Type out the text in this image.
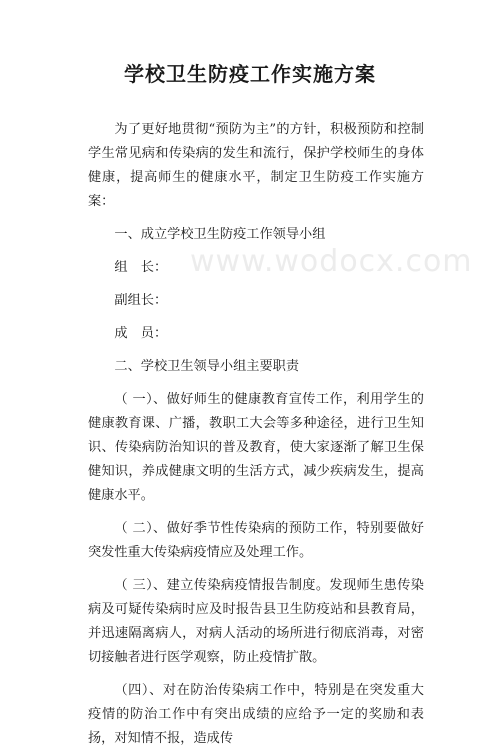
学校卫生防疫工作实施方案

为了更好地贯彻“预防为主”的方针，积极预防和控制学生常见病和传染病的发生和流行，保护学校师生的身体健康，提高师生的健康水平，制定卫生防疫工作实施方案：

一、成立学校卫生防疫工作领导小组

组　长：

副组长：

成　员：

二、学校卫生领导小组主要职责

（ 一）、做好师生的健康教育宣传工作，利用学生的健康教育课、广播，教职工大会等多种途径，进行卫生知识、传染病防治知识的普及教育，使大家逐渐了解卫生保健知识，养成健康文明的生活方式，减少疾病发生，提高健康水平。

（ 二）、做好季节性传染病的预防工作，特别要做好突发性重大传染病疫情应及处理工作。

（ 三）、建立传染病疫情报告制度。发现师生患传染病及可疑传染病时应及时报告县卫生防疫站和县教育局，并迅速隔离病人，对病人活动的场所进行彻底消毒，对密切接触者进行医学观察，防止疫情扩散。

（四）、对在防治传染病工作中，特别是在突发重大疫情的防治工作中有突出成绩的应给予一定的奖励和表扬，对知情不报，造成传

www.wodocx.com
